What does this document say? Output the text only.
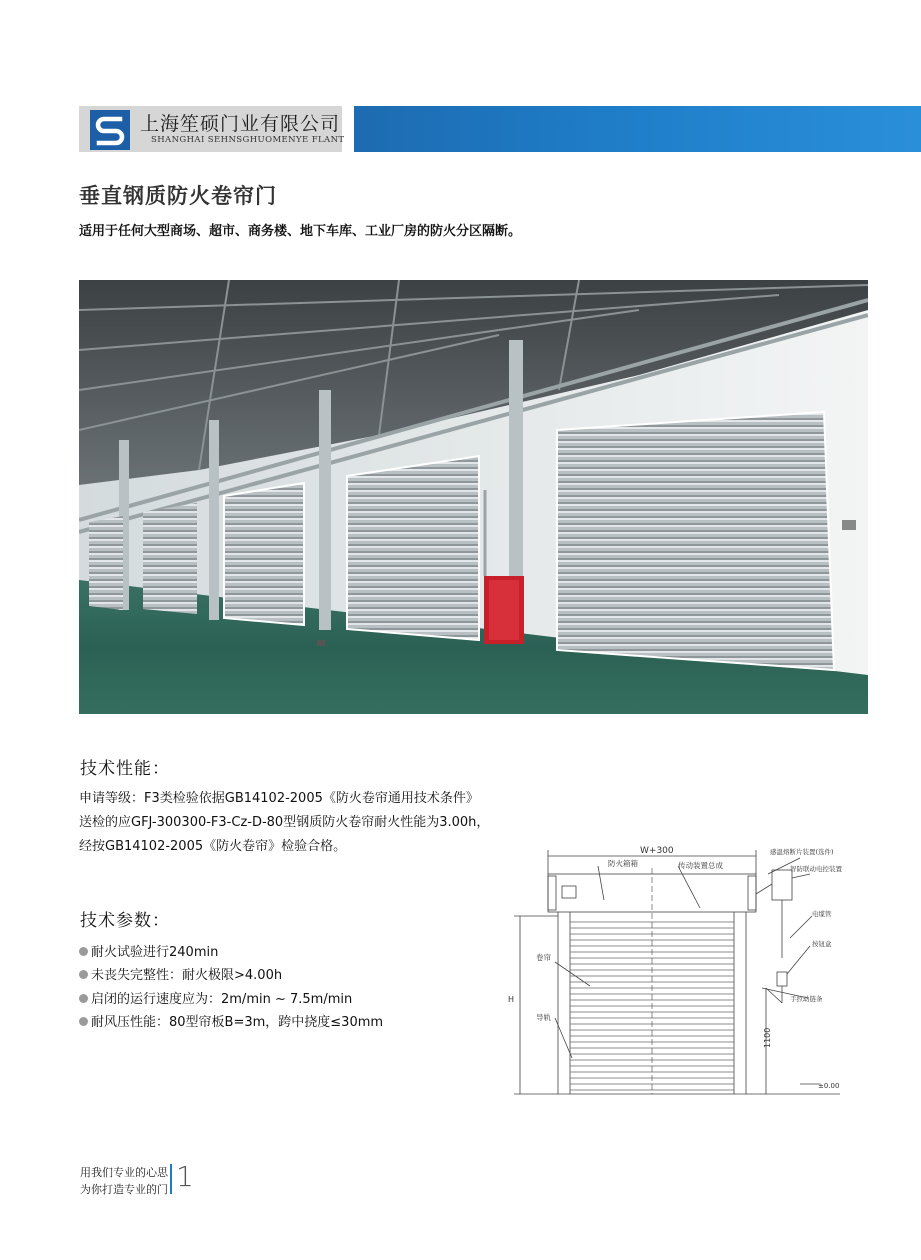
上海笙硕门业有限公司
SHANGHAI SEHNSGHUOMENYE FLANT
垂直钢质防火卷帘门
适用于任何大型商场、超市、商务楼、地下车库、工业厂房的防火分区隔断。
技术性能：
申请等级：F3类检验依据GB14102-2005《防火卷帘通用技术条件》
送检的应GFJ-300300-F3-Cz-D-80型钢质防火卷帘耐火性能为3.00h，
经按GB14102-2005《防火卷帘》检验合格。
技术参数：
耐火试验进行240min
未丧失完整性：耐火极限>4.00h
启闭的运行速度应为：2m/min ~ 7.5m/min
耐风压性能：80型帘板B=3m，跨中挠度≤30mm
W+300
防火箱箱	传动装置总成
感温熔断片装置(选件)
智防联动电控装置
电缆管
按钮盒
手拉动链条
卷帘
导轨
H
1100
±0.00
用我们专业的心思
为你打造专业的门 1
